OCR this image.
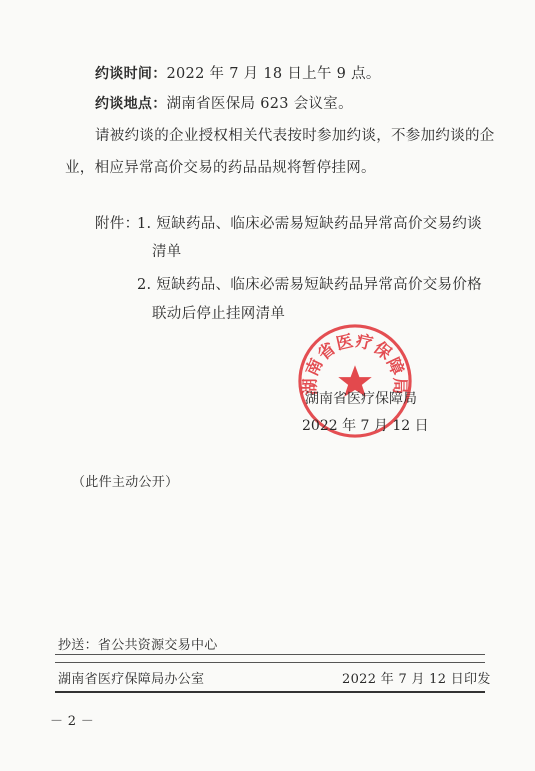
约谈时间：2022 年 7 月 18 日上午 9 点。
约谈地点：湖南省医保局 623 会议室。
请被约谈的企业授权相关代表按时参加约谈，不参加约谈的企
业，相应异常高价交易的药品品规将暂停挂网。
附件：
1. 短缺药品、临床必需易短缺药品异常高价交易约谈
清单
2. 短缺药品、临床必需易短缺药品异常高价交易价格
联动后停止挂网清单
湖南省医疗保障局
湖南省医疗保障局
2022 年 7 月 12 日
（此件主动公开）
抄送：省公共资源交易中心
湖南省医疗保障局办公室	2022 年 7 月 12 日印发
－ 2 －
